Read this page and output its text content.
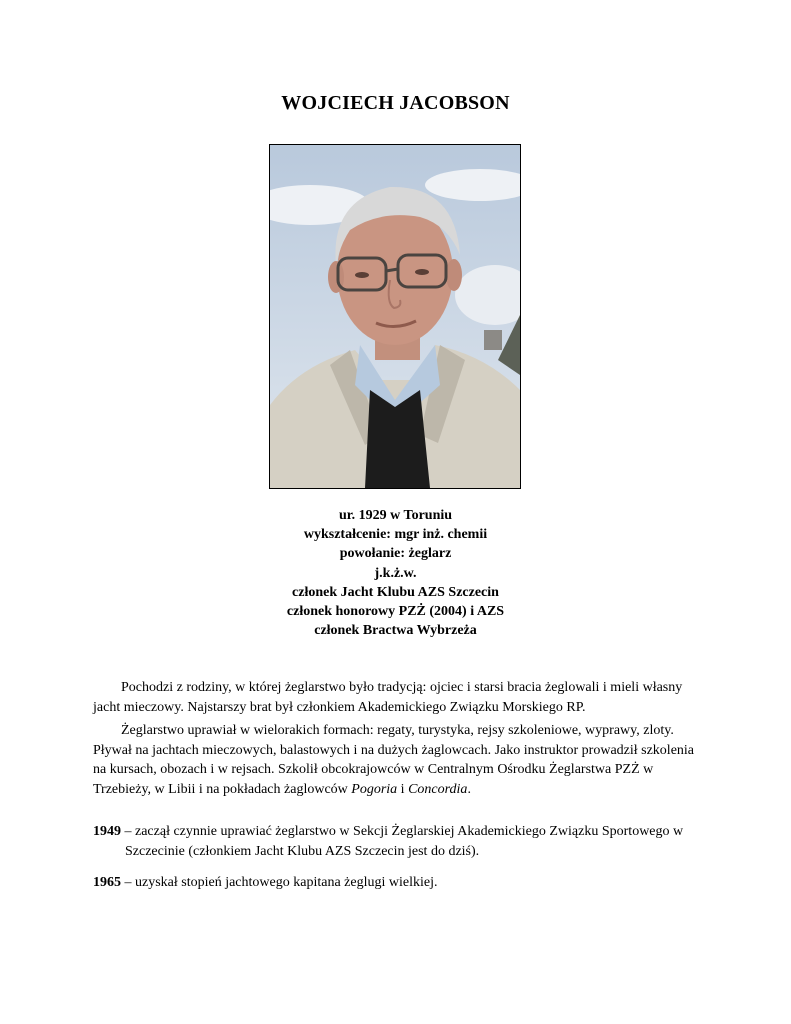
WOJCIECH JACOBSON
ur. 1929 w Toruniu
wykształcenie: mgr inż. chemii
powołanie: żeglarz
j.k.ż.w.
członek Jacht Klubu AZS Szczecin
członek honorowy PZŻ (2004) i AZS
członek Bractwa Wybrzeża

Pochodzi z rodziny, w której żeglarstwo było tradycją: ojciec i starsi bracia żeglowali i mieli własny jacht mieczowy. Najstarszy brat był członkiem Akademickiego Związku Morskiego RP.

Żeglarstwo uprawiał w wielorakich formach: regaty, turystyka, rejsy szkoleniowe, wyprawy, zloty. Pływał na jachtach mieczowych, balastowych i na dużych żaglowcach. Jako instruktor prowadził szkolenia na kursach, obozach i w rejsach. Szkolił obcokrajowców w Centralnym Ośrodku Żeglarstwa PZŻ w Trzebieży, w Libii i na pokładach żaglowców Pogoria i Concordia.

1949 – zaczął czynnie uprawiać żeglarstwo w Sekcji Żeglarskiej Akademickiego Związku Sportowego w Szczecinie (członkiem Jacht Klubu AZS Szczecin jest do dziś).

1965 – uzyskał stopień jachtowego kapitana żeglugi wielkiej.
